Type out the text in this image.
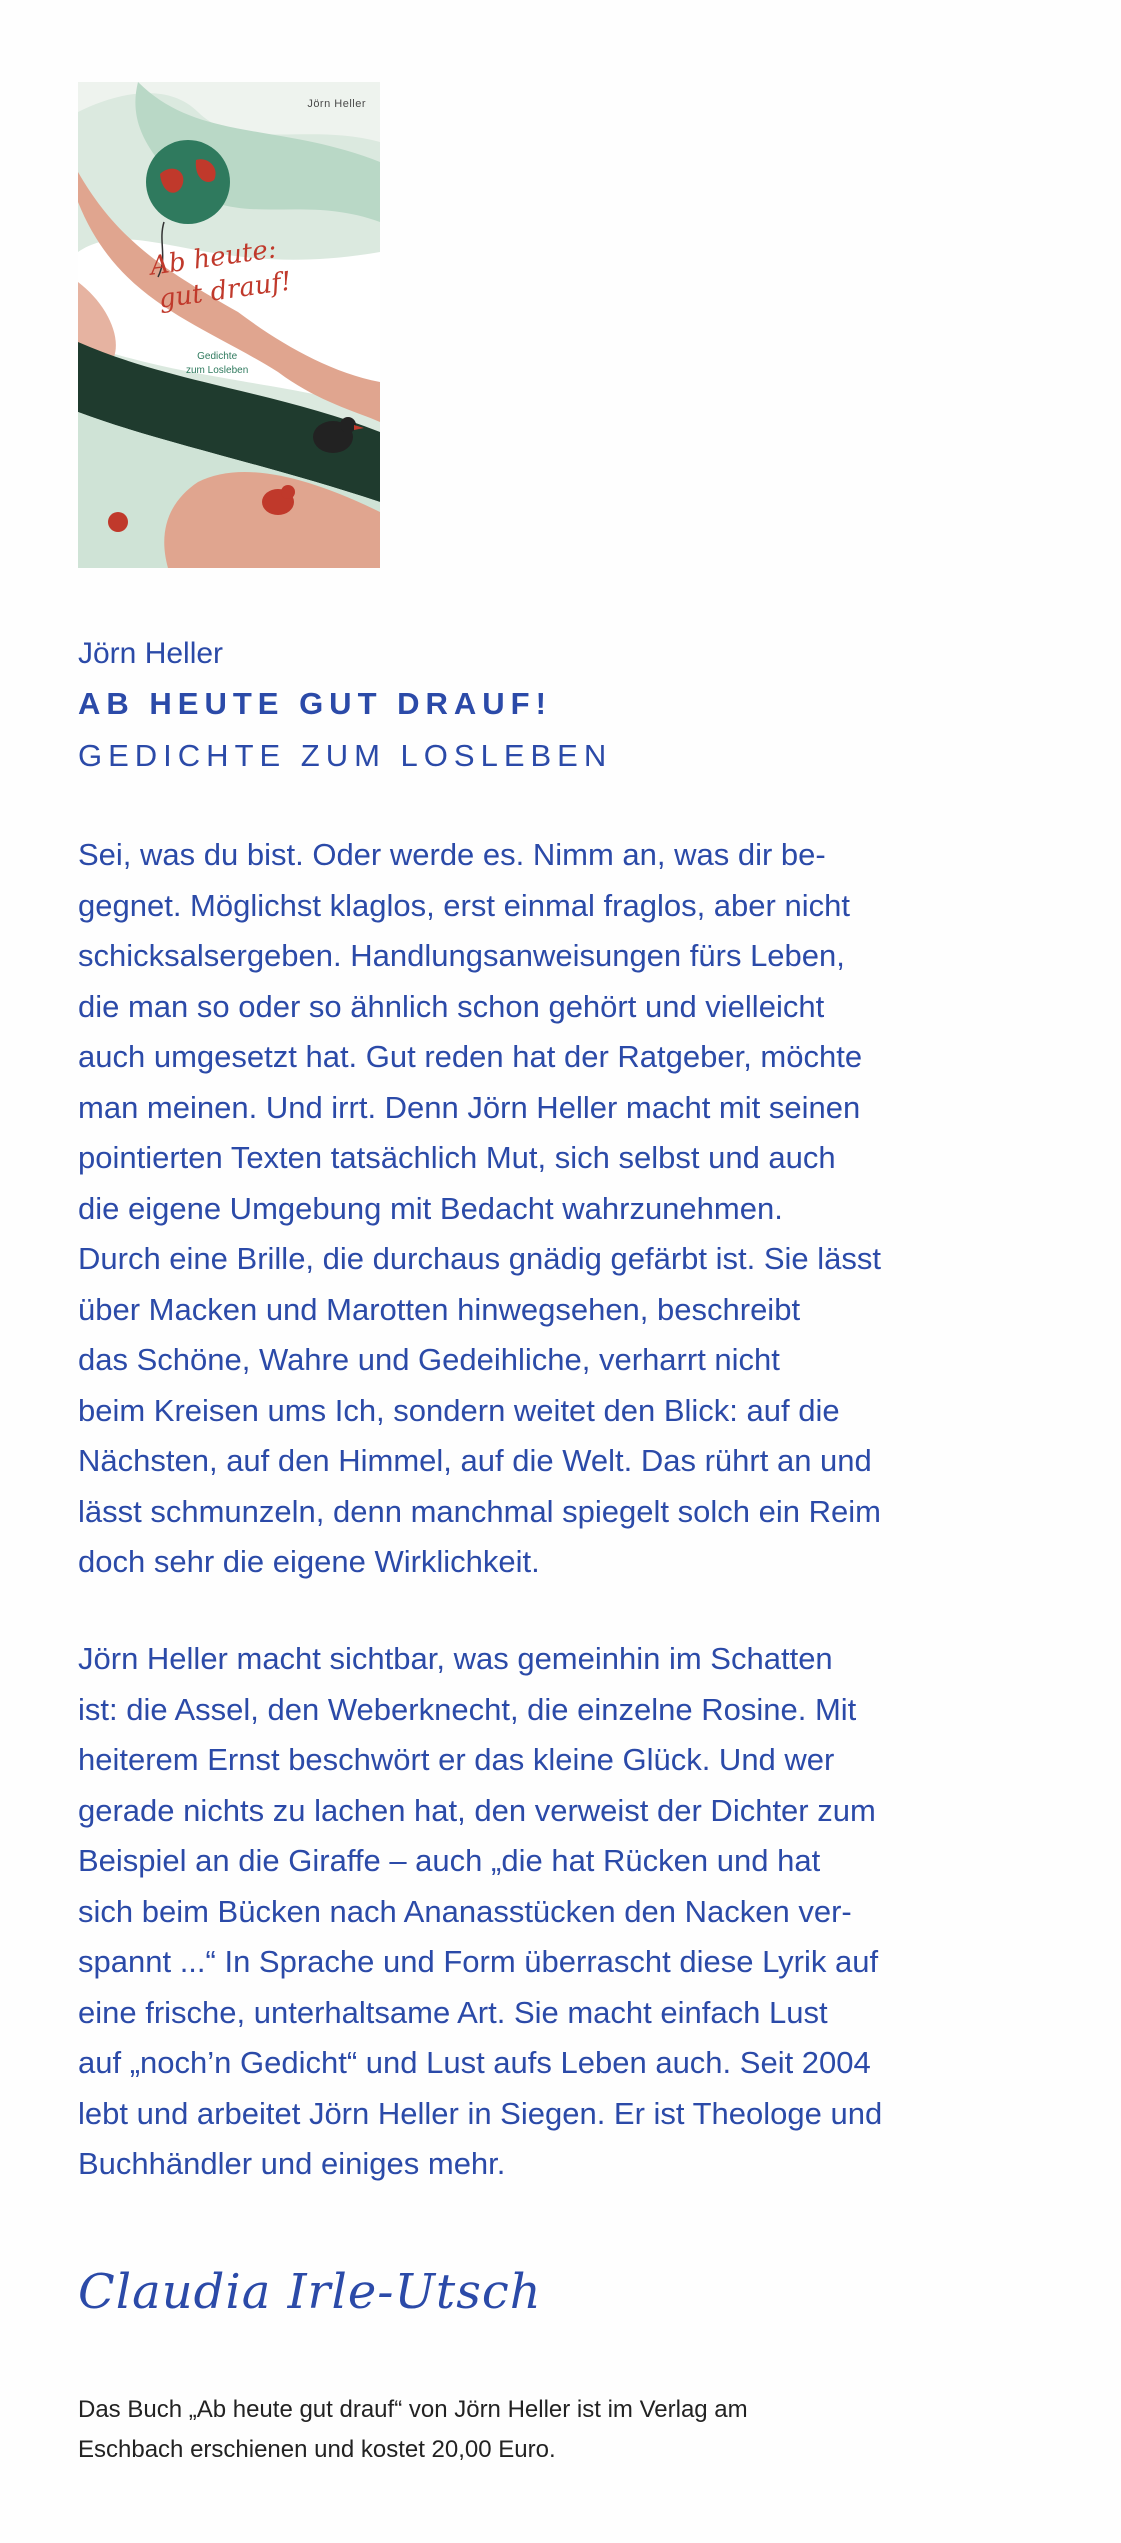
Jörn Heller
Ab heute:
gut drauf!
Gedichte
zum Losleben
Jörn Heller
AB HEUTE GUT DRAUF!
GEDICHTE ZUM LOSLEBEN
Sei, was du bist. Oder werde es. Nimm an, was dir be-
gegnet. Möglichst klaglos, erst einmal fraglos, aber nicht
schicksalsergeben. Handlungsanweisungen fürs Leben,
die man so oder so ähnlich schon gehört und vielleicht
auch umgesetzt hat. Gut reden hat der Ratgeber, möchte
man meinen. Und irrt. Denn Jörn Heller macht mit seinen
pointierten Texten tatsächlich Mut, sich selbst und auch
die eigene Umgebung mit Bedacht wahrzunehmen.
Durch eine Brille, die durchaus gnädig gefärbt ist. Sie lässt
über Macken und Marotten hinwegsehen, beschreibt
das Schöne, Wahre und Gedeihliche, verharrt nicht
beim Kreisen ums Ich, sondern weitet den Blick: auf die
Nächsten, auf den Himmel, auf die Welt. Das rührt an und
lässt schmunzeln, denn manchmal spiegelt solch ein Reim
doch sehr die eigene Wirklichkeit.
Jörn Heller macht sichtbar, was gemeinhin im Schatten
ist: die Assel, den Weberknecht, die einzelne Rosine. Mit
heiterem Ernst beschwört er das kleine Glück. Und wer
gerade nichts zu lachen hat, den verweist der Dichter zum
Beispiel an die Giraffe – auch „die hat Rücken und hat
sich beim Bücken nach Ananasstücken den Nacken ver-
spannt ...“ In Sprache und Form überrascht diese Lyrik auf
eine frische, unterhaltsame Art. Sie macht einfach Lust
auf „noch’n Gedicht“ und Lust aufs Leben auch. Seit 2004
lebt und arbeitet Jörn Heller in Siegen. Er ist Theologe und
Buchhändler und einiges mehr.
Claudia Irle-Utsch
Das Buch „Ab heute gut drauf“ von Jörn Heller ist im Verlag am
Eschbach erschienen und kostet 20,00 Euro.
